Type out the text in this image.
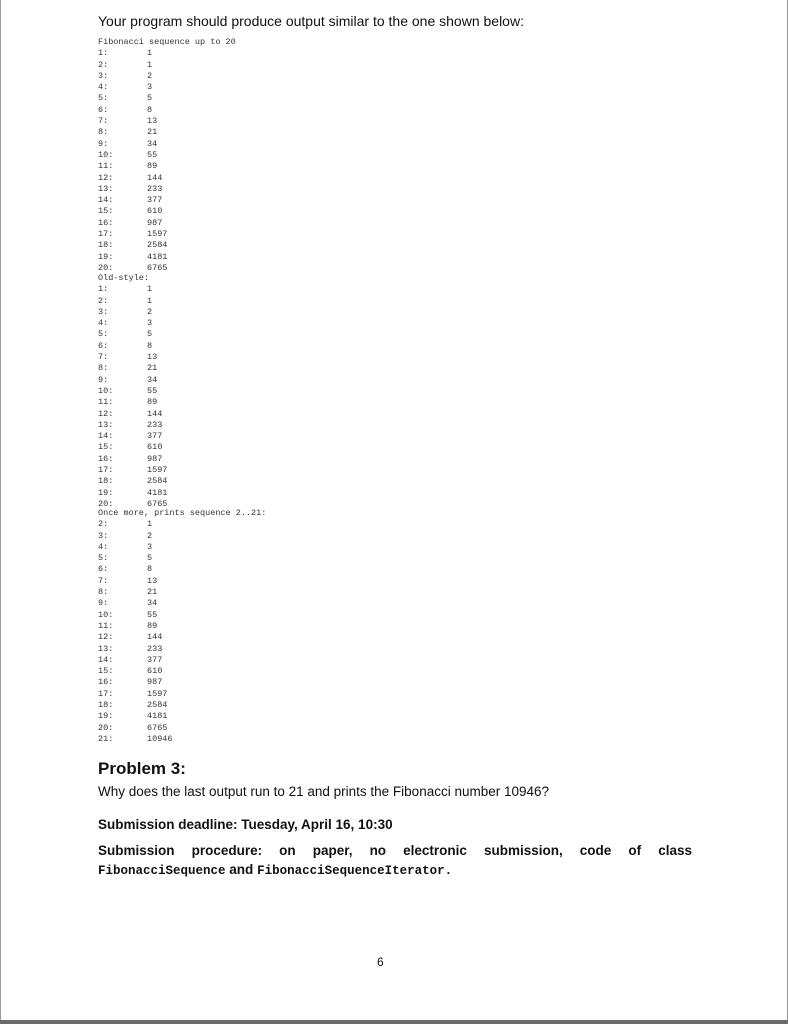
Your program should produce output similar to the one shown below:
Fibonacci sequence up to 20
1:	1
2:	1
3:	2
4:	3
5:	5
6:	8
7:	13
8:	21
9:	34
10:	55
11:	89
12:	144
13:	233
14:	377
15:	610
16:	987
17:	1597
18:	2584
19:	4181
20:	6765
Old-style:
1:	1
2:	1
3:	2
4:	3
5:	5
6:	8
7:	13
8:	21
9:	34
10:	55
11:	89
12:	144
13:	233
14:	377
15:	610
16:	987
17:	1597
18:	2584
19:	4181
20:	6765
Once more, prints sequence 2..21:
2:	1
3:	2
4:	3
5:	5
6:	8
7:	13
8:	21
9:	34
10:	55
11:	89
12:	144
13:	233
14:	377
15:	610
16:	987
17:	1597
18:	2584
19:	4181
20:	6765
21:	10946
Problem 3:
Why does the last output run to 21 and prints the Fibonacci number 10946?
Submission deadline: Tuesday, April 16, 10:30
Submission procedure: on paper, no electronic submission, code of class
FibonacciSequence and FibonacciSequenceIterator.
6
